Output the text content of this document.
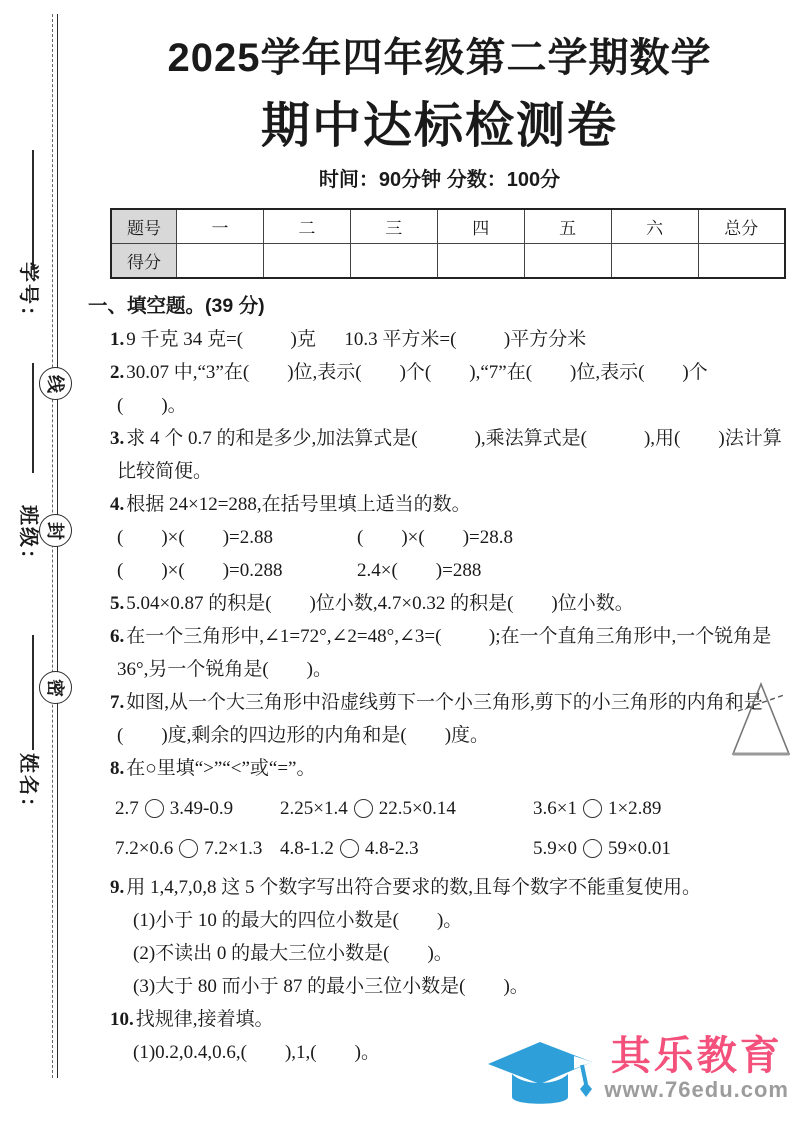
学号：
班级：
姓名：
线
封
密
2025学年四年级第二学期数学
期中达标检测卷
时间：90分钟 分数：100分
题号	一	二	三	四	五	六	总分
得分							
一、填空题。(39 分)

1. 9 千克 34 克=(          )克      10.3 平方米=(          )平方分米

2. 30.07 中,“3”在(        )位,表示(        )个(        ),“7”在(        )位,表示(        )个

(        )。

3. 求 4 个 0.7 的和是多少,加法算式是(            ),乘法算式是(            ),用(        )法计算

比较简便。

4. 根据 24×12=288,在括号里填上适当的数。

(        )×(        )=2.88	(        )×(        )=28.8

(        )×(        )=0.288	2.4×(        )=288

5. 5.04×0.87 的积是(        )位小数,4.7×0.32 的积是(        )位小数。

6. 在一个三角形中,∠1=72°,∠2=48°,∠3=(          );在一个直角三角形中,一个锐角是

36°,另一个锐角是(        )。

7. 如图,从一个大三角形中沿虚线剪下一个小三角形,剪下的小三角形的内角和是

(        )度,剩余的四边形的内角和是(        )度。

8. 在○里填“>”“<”或“=”。

2.7 3.49-0.9 2.25×1.4 22.5×0.14	3.6×1 1×2.89
7.2×0.6 7.2×1.3 4.8-1.2 4.8-2.3	5.9×0 59×0.01

9. 用 1,4,7,0,8 这 5 个数字写出符合要求的数,且每个数字不能重复使用。

(1)小于 10 的最大的四位小数是(        )。

(2)不读出 0 的最大三位小数是(        )。

(3)大于 80 而小于 87 的最小三位小数是(        )。

10. 找规律,接着填。

(1)0.2,0.4,0.6,(        ),1,(        )。	其乐教育
www.76edu.com
